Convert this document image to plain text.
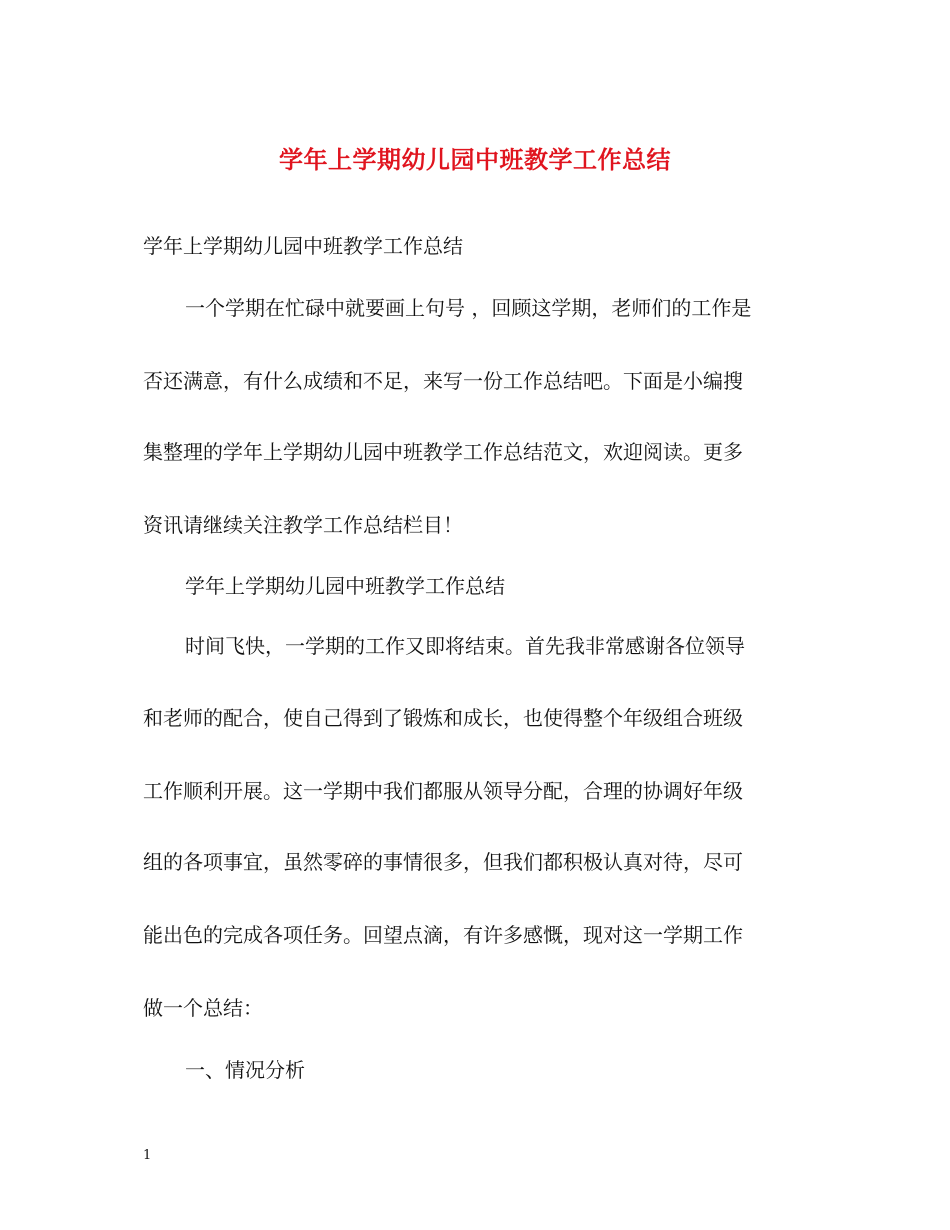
学年上学期幼儿园中班教学工作总结
学年上学期幼儿园中班教学工作总结
一个学期在忙碌中就要画上句号 ，回顾这学期，老师们的工作是
否还满意，有什么成绩和不足，来写一份工作总结吧。下面是小编搜
集整理的学年上学期幼儿园中班教学工作总结范文，欢迎阅读。更多
资讯请继续关注教学工作总结栏目！
学年上学期幼儿园中班教学工作总结
时间飞快，一学期的工作又即将结束。首先我非常感谢各位领导
和老师的配合，使自己得到了锻炼和成长，也使得整个年级组合班级
工作顺利开展。这一学期中我们都服从领导分配，合理的协调好年级
组的各项事宜，虽然零碎的事情很多，但我们都积极认真对待，尽可
能出色的完成各项任务。回望点滴，有许多感慨，现对这一学期工作
做一个总结：
一、情况分析
1
